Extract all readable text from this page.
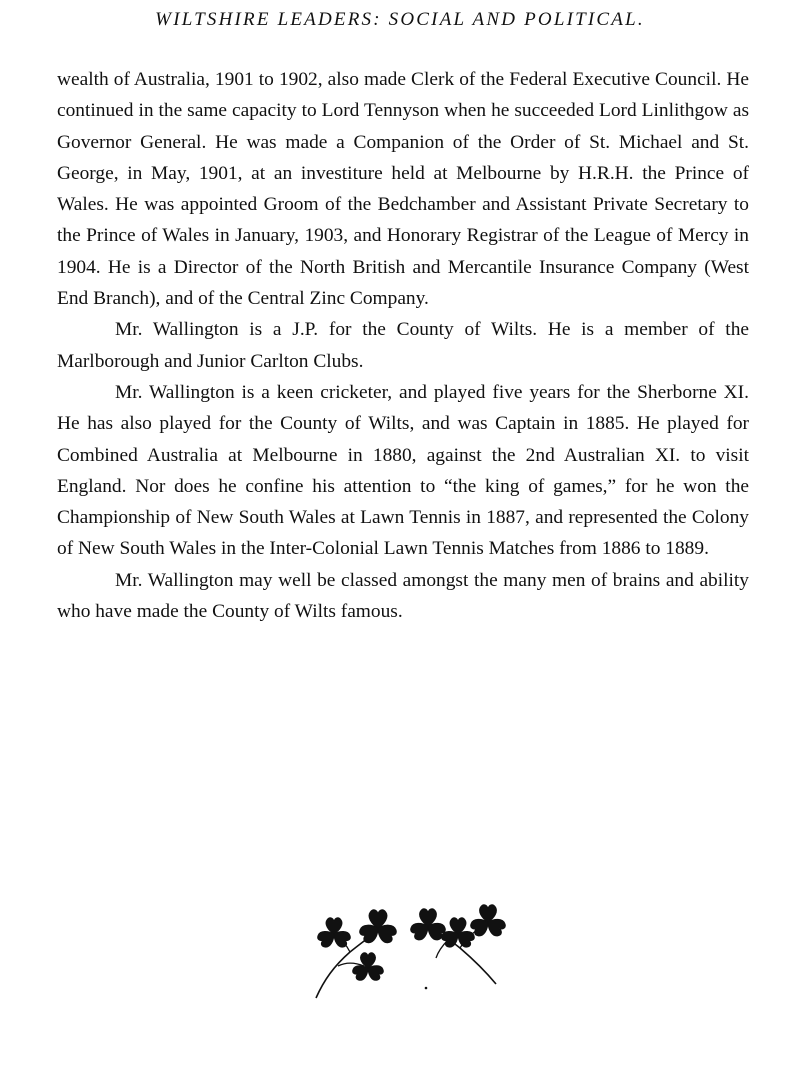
WILTSHIRE LEADERS: SOCIAL AND POLITICAL.

wealth of Australia, 1901 to 1902, also made Clerk of the Federal Executive Council. He continued in the same capacity to Lord Tennyson when he succeeded Lord Linlithgow as Governor General. He was made a Companion of the Order of St. Michael and St. George, in May, 1901, at an investiture held at Melbourne by H.R.H. the Prince of Wales. He was appointed Groom of the Bedchamber and Assistant Private Secretary to the Prince of Wales in January, 1903, and Honorary Registrar of the League of Mercy in 1904. He is a Director of the North British and Mercantile Insurance Company (West End Branch), and of the Central Zinc Company.

Mr. Wallington is a J.P. for the County of Wilts. He is a member of the Marlborough and Junior Carlton Clubs.

Mr. Wallington is a keen cricketer, and played five years for the Sherborne XI. He has also played for the County of Wilts, and was Captain in 1885. He played for Combined Australia at Melbourne in 1880, against the 2nd Australian XI. to visit England. Nor does he confine his attention to “the king of games,” for he won the Championship of New South Wales at Lawn Tennis in 1887, and represented the Colony of New South Wales in the Inter-Colonial Lawn Tennis Matches from 1886 to 1889.

Mr. Wallington may well be classed amongst the many men of brains and ability who have made the County of Wilts famous.
